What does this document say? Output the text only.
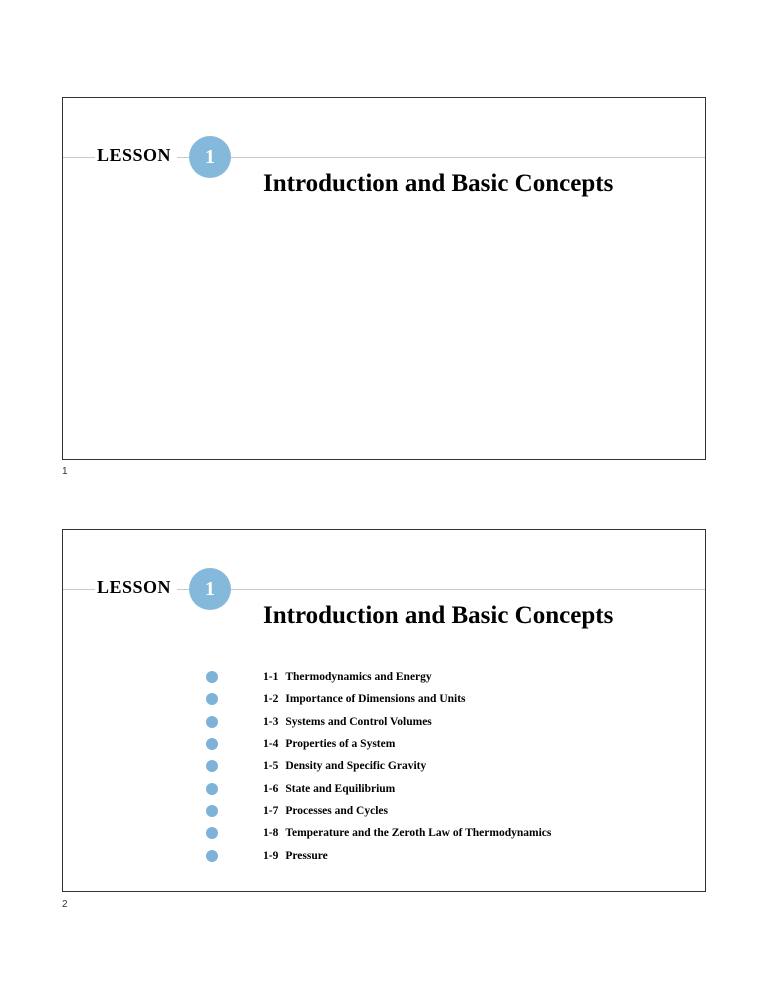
LESSON	1
Introduction and Basic Concepts
1
LESSON	1
Introduction and Basic Concepts
1-1 Thermodynamics and Energy
1-2 Importance of Dimensions and Units
1-3 Systems and Control Volumes
1-4 Properties of a System
1-5 Density and Specific Gravity
1-6 State and Equilibrium
1-7 Processes and Cycles
1-8 Temperature and the Zeroth Law of Thermodynamics
1-9 Pressure
2
